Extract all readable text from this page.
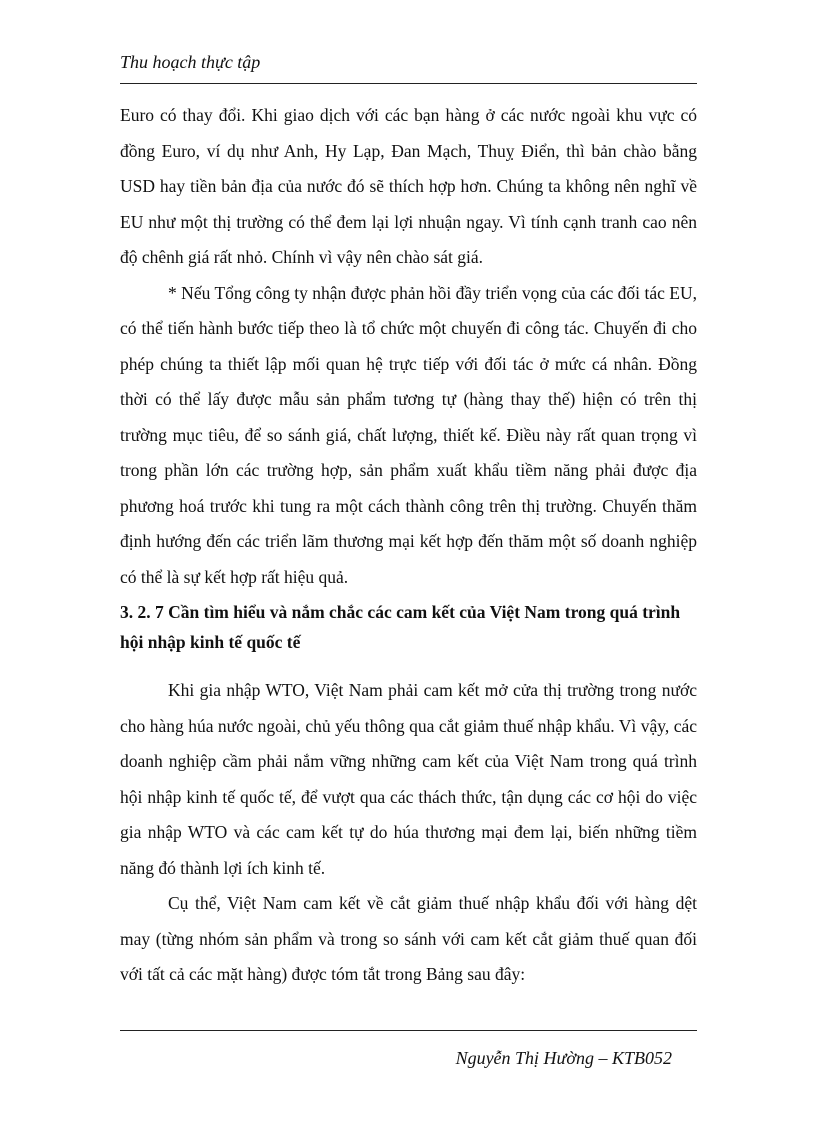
Thu hoạch thực tập

Euro có thay đổi. Khi giao dịch với các bạn hàng ở các nước ngoài khu vực có đồng Euro, ví dụ như Anh, Hy Lạp, Đan Mạch, Thuỵ Điển, thì bản chào bằng USD hay tiền bản địa của nước đó sẽ thích hợp hơn. Chúng ta không nên nghĩ về EU như một thị trường có thể đem lại lợi nhuận ngay. Vì tính cạnh tranh cao nên độ chênh giá rất nhỏ. Chính vì vậy nên chào sát giá.

* Nếu Tổng công ty nhận được phản hồi đầy triển vọng của các đối tác EU, có thể tiến hành bước tiếp theo là tổ chức một chuyến đi công tác. Chuyến đi cho phép chúng ta thiết lập mối quan hệ trực tiếp với đối tác ở mức cá nhân. Đồng thời có thể lấy được mẫu sản phẩm tương tự (hàng thay thế) hiện có trên thị trường mục tiêu, để so sánh giá, chất lượng, thiết kế. Điều này rất quan trọng vì trong phần lớn các trường hợp, sản phẩm xuất khẩu tiềm năng phải được địa phương hoá trước khi tung ra một cách thành công trên thị trường. Chuyến thăm định hướng đến các triển lãm thương mại kết hợp đến thăm một số doanh nghiệp có thể là sự kết hợp rất hiệu quả.

3. 2. 7 Cần tìm hiểu và nắm chắc các cam kết của Việt Nam trong quá trình hội nhập kinh tế quốc tế

Khi gia nhập WTO, Việt Nam phải cam kết mở cửa thị trường trong nước cho hàng húa nước ngoài, chủ yếu thông qua cắt giảm thuế nhập khẩu. Vì vậy, các doanh nghiệp cầm phải nắm vững những cam kết của Việt Nam trong quá trình hội nhập kinh tế quốc tế, để vượt qua các thách thức, tận dụng các cơ hội do việc gia nhập WTO và các cam kết tự do húa thương mại đem lại, biến những tiềm năng đó thành lợi ích kinh tế.

Cụ thể, Việt Nam cam kết về cắt giảm thuế nhập khẩu đối với hàng dệt may (từng nhóm sản phẩm và trong so sánh với cam kết cắt giảm thuế quan đối với tất cả các mặt hàng) được tóm tắt trong Bảng sau đây:

Nguyễn Thị Hường – KTB052
